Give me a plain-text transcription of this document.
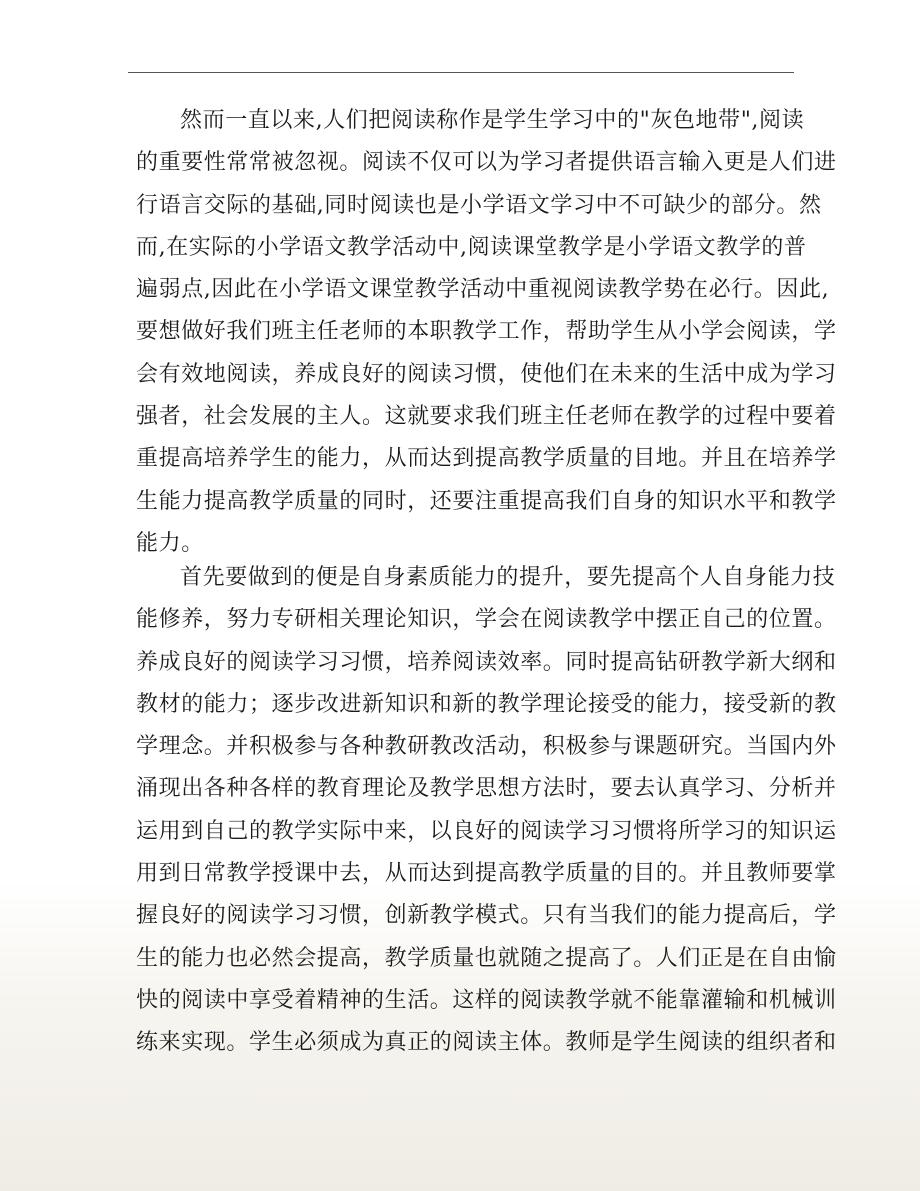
然而一直以来,人们把阅读称作是学生学习中的"灰色地带",阅读
的重要性常常被忽视。阅读不仅可以为学习者提供语言输入更是人们进
行语言交际的基础,同时阅读也是小学语文学习中不可缺少的部分。然
而,在实际的小学语文教学活动中,阅读课堂教学是小学语文教学的普
遍弱点,因此在小学语文课堂教学活动中重视阅读教学势在必行。因此,
要想做好我们班主任老师的本职教学工作，帮助学生从小学会阅读，学
会有效地阅读，养成良好的阅读习惯，使他们在未来的生活中成为学习
强者，社会发展的主人。这就要求我们班主任老师在教学的过程中要着
重提高培养学生的能力，从而达到提高教学质量的目地。并且在培养学
生能力提高教学质量的同时，还要注重提高我们自身的知识水平和教学
能力。
首先要做到的便是自身素质能力的提升，要先提高个人自身能力技
能修养，努力专研相关理论知识，学会在阅读教学中摆正自己的位置。
养成良好的阅读学习习惯，培养阅读效率。同时提高钻研教学新大纲和
教材的能力；逐步改进新知识和新的教学理论接受的能力，接受新的教
学理念。并积极参与各种教研教改活动，积极参与课题研究。当国内外
涌现出各种各样的教育理论及教学思想方法时，要去认真学习、分析并
运用到自己的教学实际中来，以良好的阅读学习习惯将所学习的知识运
用到日常教学授课中去，从而达到提高教学质量的目的。并且教师要掌
握良好的阅读学习习惯，创新教学模式。只有当我们的能力提高后，学
生的能力也必然会提高，教学质量也就随之提高了。人们正是在自由愉
快的阅读中享受着精神的生活。这样的阅读教学就不能靠灌输和机械训
练来实现。学生必须成为真正的阅读主体。教师是学生阅读的组织者和
